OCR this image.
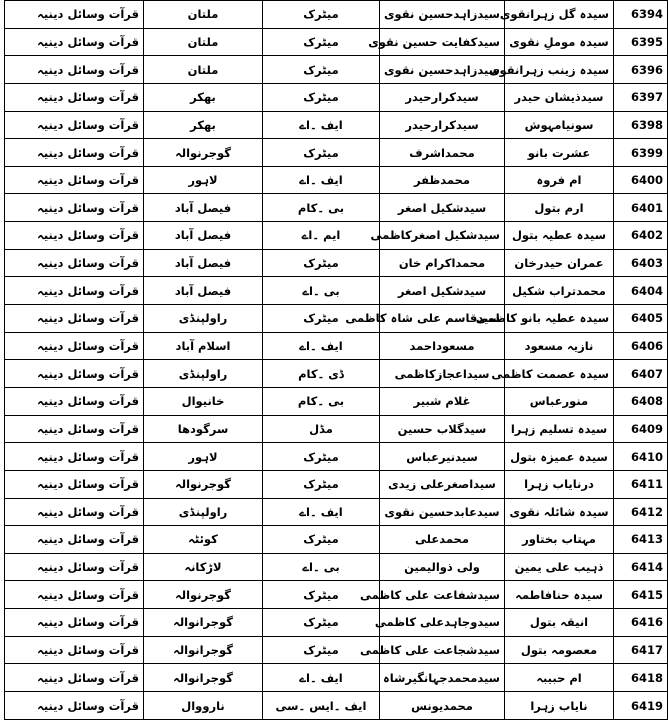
قرآت وسائل دینیہ	ملتان	میٹرک	سیدزاہدحسین نقوی	سیدہ گل زہرانقوی	6394
قرآت وسائل دینیہ	ملتان	میٹرک	سیدکفایت حسین نقوی	سیدہ موملِ نقوی	6395
قرآت وسائل دینیہ	ملتان	میٹرک	سیدزاہدحسین نقوی	سیدہ زینب زہرانقوی	6396
قرآت وسائل دینیہ	بھکر	میٹرک	سیدکرارحیدر	سیدذیشان حیدر	6397
قرآت وسائل دینیہ	بھکر	ایف ۔اے	سیدکرارحیدر	سونیامہوش	6398
قرآت وسائل دینیہ	گوجرنوالہ	میٹرک	محمداشرف	عشرت بانو	6399
قرآت وسائل دینیہ	لاہور	ایف ۔اے	محمدظفر	ام فروہ	6400
قرآت وسائل دینیہ	فیصل آباد	بی ۔کام	سیدشکیل اصغر	ارم بتول	6401
قرآت وسائل دینیہ	فیصل آباد	ایم ۔اے	سیدشکیل اصغرکاظمی	سیدہ عطیہ بتول	6402
قرآت وسائل دینیہ	فیصل آباد	میٹرک	محمداکرام خان	عمران حیدرخان	6403
قرآت وسائل دینیہ	فیصل آباد	بی ۔اے	سیدشکیل اصغر	محمدتراب شکیل	6404
قرآت وسائل دینیہ	راولپنڈی	میٹرک	سیدقاسم علی شاہ کاظمی	سیدہ عطیہ بانو کاظمی	6405
قرآت وسائل دینیہ	اسلام آباد	ایف ۔اے	مسعوداحمد	نازیہ مسعود	6406
قرآت وسائل دینیہ	راولپنڈی	ڈی ۔کام	سیداعجازکاظمی	سیدہ عصمت کاظمی	6407
قرآت وسائل دینیہ	خانیوال	بی ۔کام	غلام شبیر	منورعباس	6408
قرآت وسائل دینیہ	سرگودھا	مڈل	سیدگلاب حسین	سیدہ تسلیم زہرا	6409
قرآت وسائل دینیہ	لاہور	میٹرک	سیدنیرعباس	سیدہ عمیزہ بتول	6410
قرآت وسائل دینیہ	گوجرنوالہ	میٹرک	سیداصغرعلی زیدی	درنایاب زہرا	6411
قرآت وسائل دینیہ	راولپنڈی	ایف ۔اے	سیدعابدحسین نقوی	سیدہ شائلہ نقوی	6412
قرآت وسائل دینیہ	کوئٹہ	میٹرک	محمدعلی	مہتاب بختاور	6413
قرآت وسائل دینیہ	لاڑکانہ	بی ۔اے	ولی ذوالیمین	ذہیب علی یمین	6414
قرآت وسائل دینیہ	گوجرنوالہ	میٹرک	سیدشفاعت علی کاظمی	سیدہ حنافاطمہ	6415
قرآت وسائل دینیہ	گوجرانوالہ	میٹرک	سیدوجاہدعلی کاظمی	انیقہ بتول	6416
قرآت وسائل دینیہ	گوجرانوالہ	میٹرک	سیدشجاعت علی کاظمی	معصومہ بتول	6417
قرآت وسائل دینیہ	گوجرانوالہ	ایف ۔اے	سیدمحمدجہانگیرشاہ	ام حبیبہ	6418
قرآت وسائل دینیہ	نارووال	ایف ۔ایس ۔سی	محمدیونس	نایاب زہرا	6419
